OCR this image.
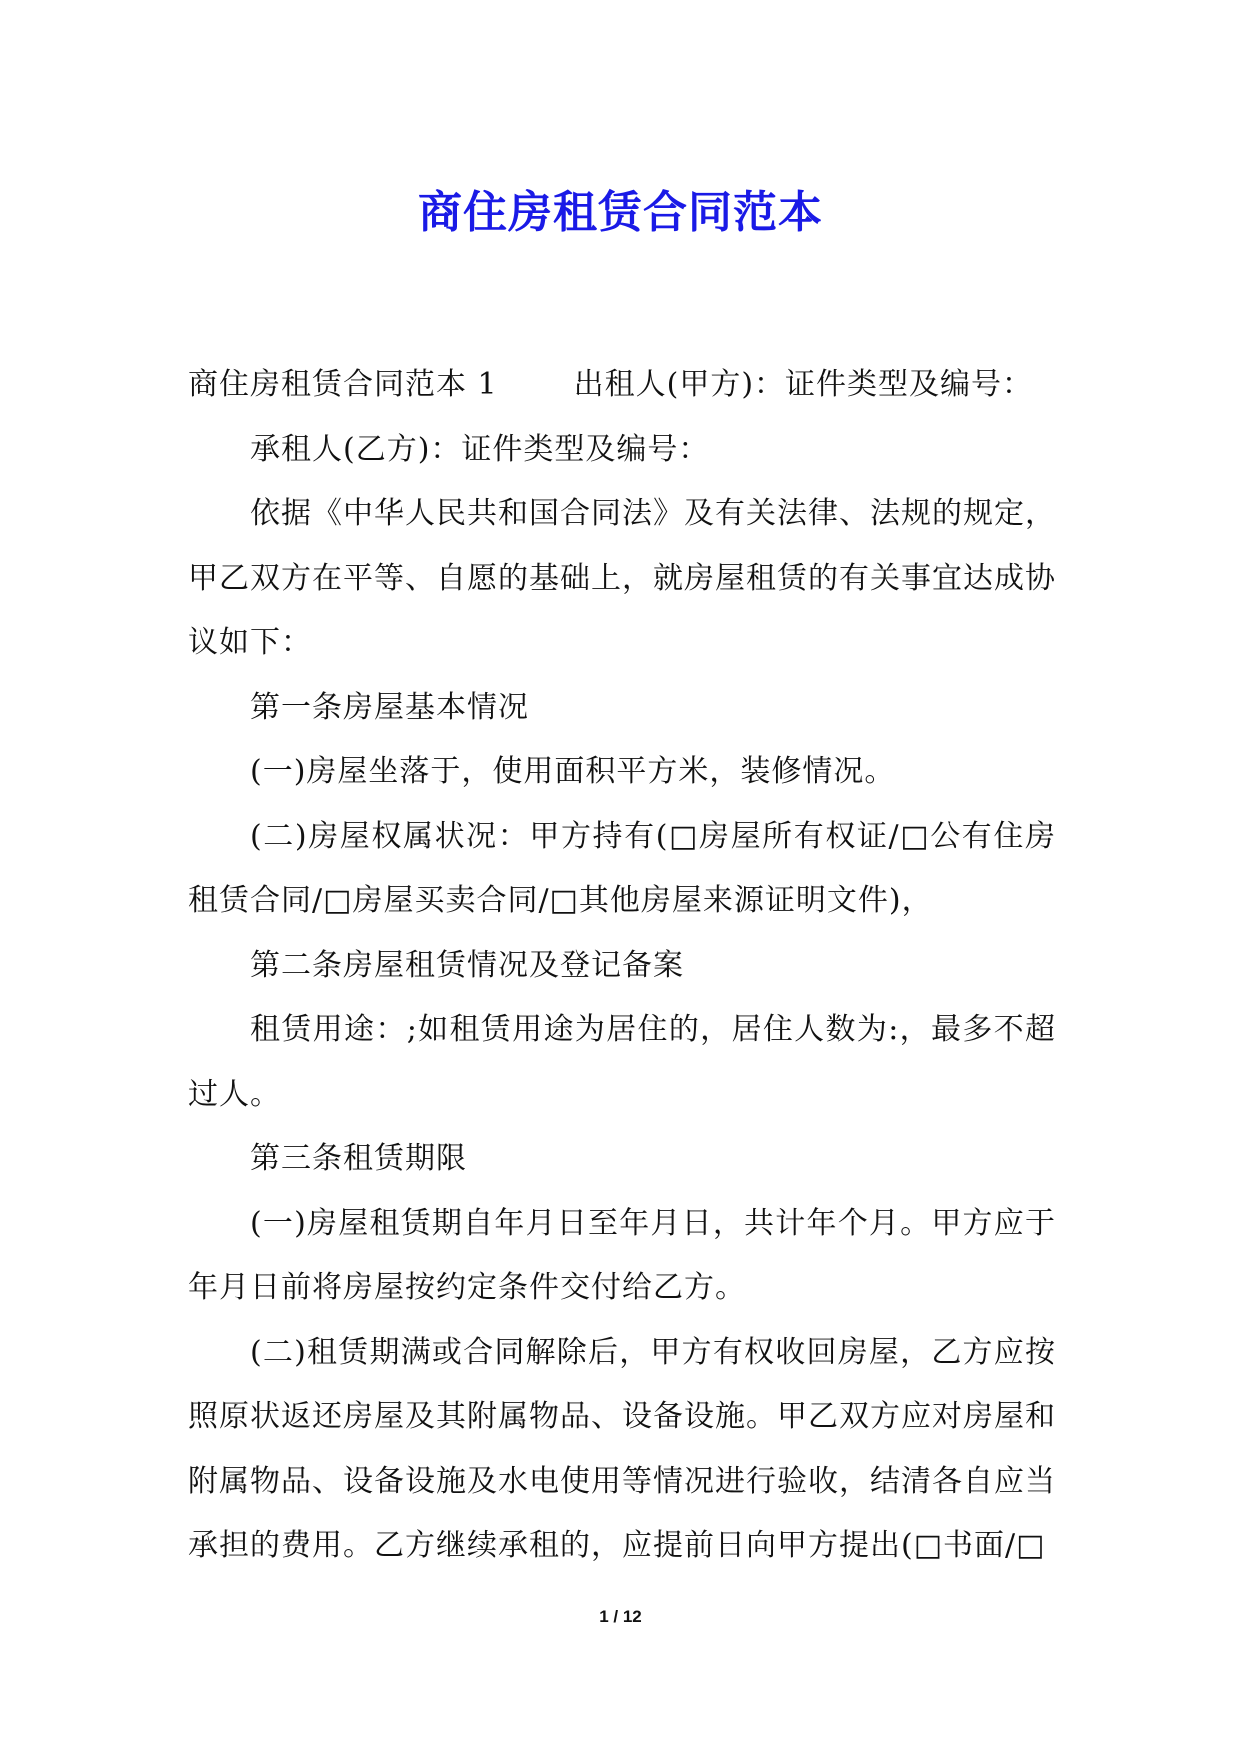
商住房租赁合同范本

商住房租赁合同范本 1	出租人(甲方)：证件类型及编号：

承租人(乙方)：证件类型及编号：

依据《中华人民共和国合同法》及有关法律、法规的规定，甲乙双方在平等、自愿的基础上，就房屋租赁的有关事宜达成协议如下：

第一条房屋基本情况

(一)房屋坐落于，使用面积平方米，装修情况。

(二)房屋权属状况：甲方持有(□房屋所有权证/□公有住房租赁合同/□房屋买卖合同/□其他房屋来源证明文件)，

第二条房屋租赁情况及登记备案

租赁用途：;如租赁用途为居住的，居住人数为:，最多不超过人。

第三条租赁期限

(一)房屋租赁期自年月日至年月日，共计年个月。甲方应于年月日前将房屋按约定条件交付给乙方。

(二)租赁期满或合同解除后，甲方有权收回房屋，乙方应按照原状返还房屋及其附属物品、设备设施。甲乙双方应对房屋和附属物品、设备设施及水电使用等情况进行验收，结清各自应当承担的费用。乙方继续承租的，应提前日向甲方提出(□书面/□

1 / 12
